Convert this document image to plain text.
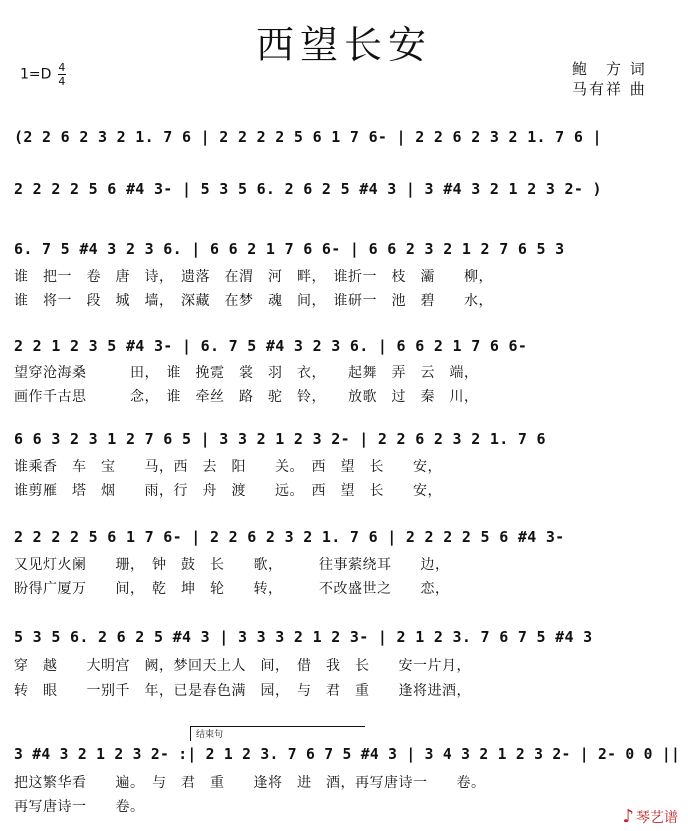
西望长安
$1=D \frac{4}{4}$	鲍　方 词
马有祥 曲
(2 2 6 2 3 2 1. 7 6 | 2 2 2 2 5 6 1 7 6- | 2 2 6 2 3 2 1. 7 6 |
2 2 2 2 5 6 #4 3- | 5 3 5 6. 2 6 2 5 #4 3 | 3 #4 3 2 1 2 3 2- )
6. 7 5 #4 3 2 3 6. | 6 6 2 1 7 6 6- | 6 6 2 3 2 1 2 7 6 5 3
谁　把一　卷　唐　诗，　遗落　在渭　河　畔，　谁折一　枝　灞　　柳，
谁　将一　段　城　墙，　深藏　在梦　魂　间，　谁研一　池　碧　　水，
2 2 1 2 3 5 #4 3- | 6. 7 5 #4 3 2 3 6. | 6 6 2 1 7 6 6-
望穿沧海桑　　　田，　谁　挽霓　裳　羽　衣，　　起舞　弄　云　端，
画作千古思　　　念，　谁　牵丝　路　驼　铃，　　放歌　过　秦　川，
6 6 3 2 3 1 2 7 6 5 | 3 3 2 1 2 3 2- | 2 2 6 2 3 2 1. 7 6
谁乘香　车　宝　　马，西　去　阳　　关。　西　望　长　　安，
谁剪雁　塔　烟　　雨，行　舟　渡　　远。　西　望　长　　安，
2 2 2 2 5 6 1 7 6- | 2 2 6 2 3 2 1. 7 6 | 2 2 2 2 5 6 #4 3-
又见灯火阑　　珊，　钟　鼓　长　　歌，　　　往事萦绕耳　　边，
盼得广厦万　　间，　乾　坤　轮　　转，　　　不改盛世之　　恋，
5 3 5 6. 2 6 2 5 #4 3 | 3 3 3 2 1 2 3- | 2 1 2 3. 7 6 7 5 #4 3
穿　越　　大明宫　阙，梦回天上人　间，　借　我　长　　安一片月，
转　眼　　一别千　年，已是春色满　园，　与　君　重　　逢将进酒，
结束句
3 #4 3 2 1 2 3 2- :| 2 1 2 3. 7 6 7 5 #4 3 | 3 4 3 2 1 2 3 2- | 2- 0 0 ||
把这繁华看　　遍。　与　君　重　　逢将　进　酒，再写唐诗一　　卷。
再写唐诗一　　卷。	♪ 琴艺谱
